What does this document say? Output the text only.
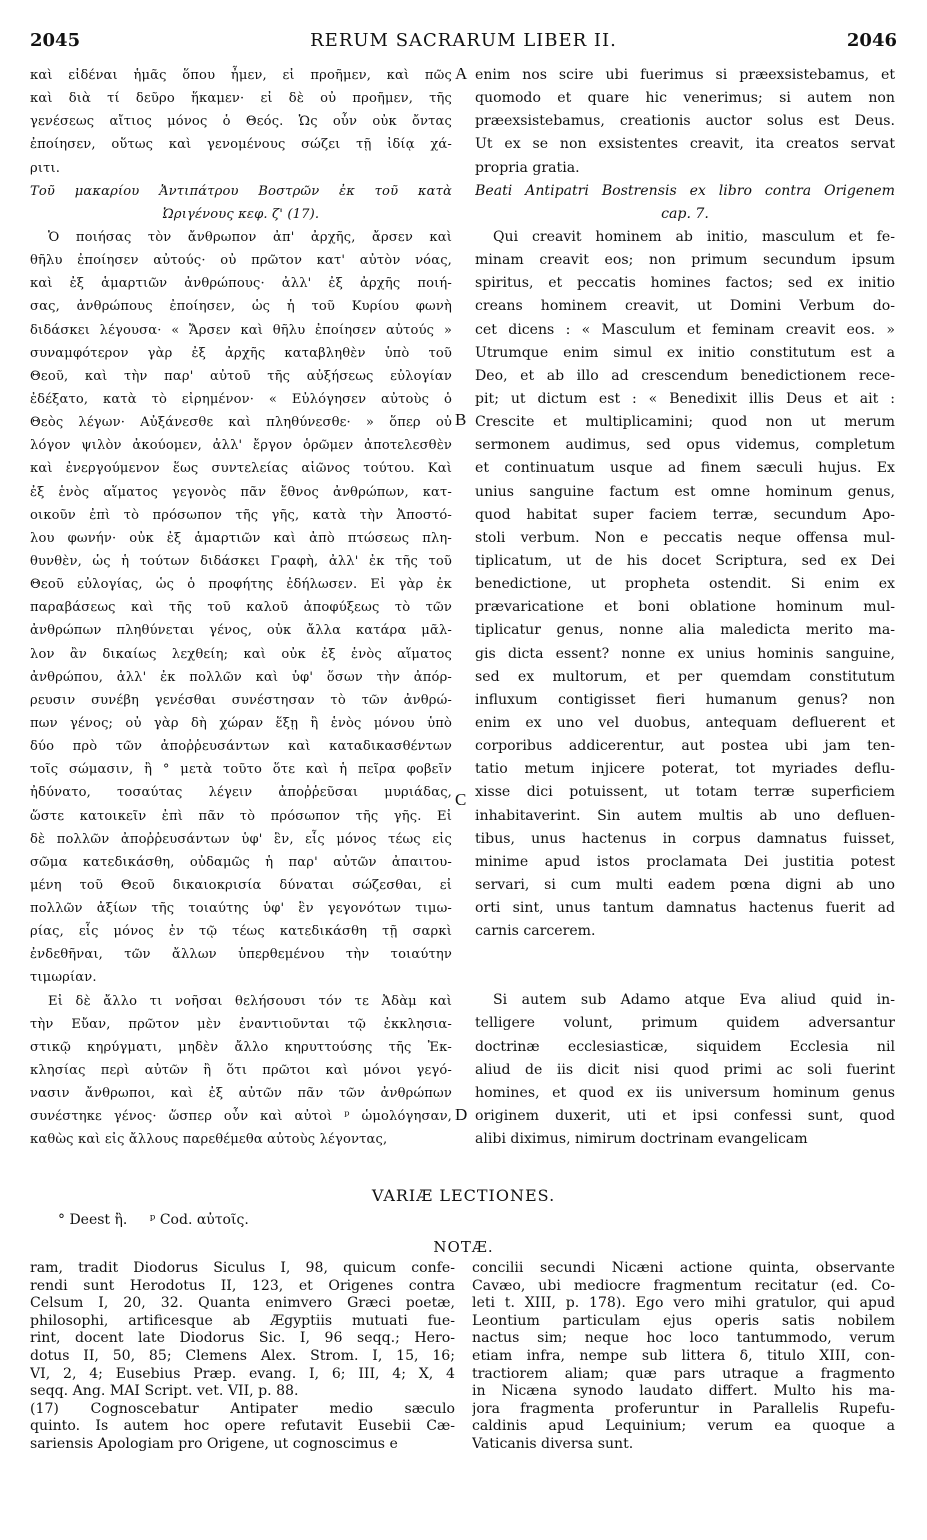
2045	RERUM SACRARUM LIBER II.	2046
καὶ εἰδέναι ἡμᾶς ὅπου ἦμεν, εἰ προῆμεν, καὶ πῶς
καὶ διὰ τί δεῦρο ἥκαμεν· εἰ δὲ οὐ προῆμεν, τῆς
γενέσεως αἴτιος μόνος ὁ Θεός. Ὡς οὖν οὐκ ὄντας
ἐποίησεν, οὕτως καὶ γενομένους σώζει τῇ ἰδίᾳ χά-
ριτι.
Τοῦ μακαρίου Ἀντιπάτρου Βοστρῶν ἐκ τοῦ κατὰ
Ὠριγένους κεφ. ζ' (17).
Ὁ ποιήσας τὸν ἄνθρωπον ἀπ' ἀρχῆς, ἄρσεν καὶ
θῆλυ ἐποίησεν αὐτούς· οὐ πρῶτον κατ' αὐτὸν νόας,
καὶ ἐξ ἁμαρτιῶν ἀνθρώπους· ἀλλ' ἐξ ἀρχῆς ποιή-
σας, ἀνθρώπους ἐποίησεν, ὡς ἡ τοῦ Κυρίου φωνὴ
διδάσκει λέγουσα· « Ἄρσεν καὶ θῆλυ ἐποίησεν αὐτούς »
συναμφότερον γὰρ ἐξ ἀρχῆς καταβληθὲν ὑπὸ τοῦ
Θεοῦ, καὶ τὴν παρ' αὐτοῦ τῆς αὐξήσεως εὐλογίαν
ἐδέξατο, κατὰ τὸ εἰρημένον· « Εὐλόγησεν αὐτοὺς ὁ
Θεὸς λέγων· Αὐξάνεσθε καὶ πληθύνεσθε· » ὅπερ οὐ
λόγον ψιλὸν ἀκούομεν, ἀλλ' ἔργον ὁρῶμεν ἀποτελεσθὲν
καὶ ἐνεργούμενον ἕως συντελείας αἰῶνος τούτου. Καὶ
ἐξ ἑνὸς αἵματος γεγονὸς πᾶν ἔθνος ἀνθρώπων, κατ-
οικοῦν ἐπὶ τὸ πρόσωπον τῆς γῆς, κατὰ τὴν Ἀποστό-
λου φωνήν· οὐκ ἐξ ἁμαρτιῶν καὶ ἀπὸ πτώσεως πλη-
θυνθὲν, ὡς ἡ τούτων διδάσκει Γραφὴ, ἀλλ' ἐκ τῆς τοῦ
Θεοῦ εὐλογίας, ὡς ὁ προφήτης ἐδήλωσεν. Εἰ γὰρ ἐκ
παραβάσεως καὶ τῆς τοῦ καλοῦ ἀποφύξεως τὸ τῶν
ἀνθρώπων πληθύνεται γένος, οὐκ ἄλλα κατάρα μᾶλ-
λον ἂν δικαίως λεχθείη; καὶ οὐκ ἐξ ἑνὸς αἵματος
ἀνθρώπου, ἀλλ' ἐκ πολλῶν καὶ ὑφ' ὅσων τὴν ἀπόρ-
ρευσιν συνέβη γενέσθαι συνέστησαν τὸ τῶν ἀνθρώ-
πων γένος; οὐ γὰρ δὴ χώραν ἕξῃ ἢ ἑνὸς μόνου ὑπὸ
δύο πρὸ τῶν ἀποῤῥευσάντων καὶ καταδικασθέντων
τοῖς σώμασιν, ἢ ° μετὰ τοῦτο ὅτε καὶ ἡ πεῖρα φοβεῖν
ἠδύνατο, τοσαύτας λέγειν ἀποῤῥεῦσαι μυριάδας,
ὥστε κατοικεῖν ἐπὶ πᾶν τὸ πρόσωπον τῆς γῆς. Εἰ
δὲ πολλῶν ἀποῤῥευσάντων ὑφ' ἓν, εἷς μόνος τέως εἰς
σῶμα κατεδικάσθη, οὐδαμῶς ἡ παρ' αὐτῶν ἀπαιτου-
μένη τοῦ Θεοῦ δικαιοκρισία δύναται σώζεσθαι, εἰ
πολλῶν ἀξίων τῆς τοιαύτης ὑφ' ἓν γεγονότων τιμω-
ρίας, εἷς μόνος ἐν τῷ τέως κατεδικάσθη τῇ σαρκὶ
ἐνδεθῆναι, τῶν ἄλλων ὑπερθεμένου τὴν τοιαύτην
τιμωρίαν.
Εἰ δὲ ἄλλο τι νοῆσαι θελήσουσι τόν τε Ἀδὰμ καὶ
τὴν Εὔαν, πρῶτον μὲν ἐναντιοῦνται τῷ ἐκκλησια-
στικῷ κηρύγματι, μηδὲν ἄλλο κηρυττούσης τῆς Ἐκ-
κλησίας περὶ αὐτῶν ἢ ὅτι πρῶτοι καὶ μόνοι γεγό-
νασιν ἄνθρωποι, καὶ ἐξ αὐτῶν πᾶν τῶν ἀνθρώπων
συνέστηκε γένος· ὥσπερ οὖν καὶ αὐτοὶ ᵖ ὡμολόγησαν,
καθὼς καὶ εἰς ἄλλους παρεθέμεθα αὐτοὺς λέγοντας,
enim nos scire ubi fuerimus si præexsistebamus, et
quomodo et quare hic venerimus; si autem non
præexsistebamus, creationis auctor solus est Deus.
Ut ex se non exsistentes creavit, ita creatos servat
propria gratia.
Beati Antipatri Bostrensis ex libro contra Origenem
cap. 7.
Qui creavit hominem ab initio, masculum et fe-
minam creavit eos; non primum secundum ipsum
spiritus, et peccatis homines factos; sed ex initio
creans hominem creavit, ut Domini Verbum do-
cet dicens : « Masculum et feminam creavit eos. »
Utrumque enim simul ex initio constitutum est a
Deo, et ab illo ad crescendum benedictionem rece-
pit; ut dictum est : « Benedixit illis Deus et ait :
Crescite et multiplicamini; quod non ut merum
sermonem audimus, sed opus videmus, completum
et continuatum usque ad finem sæculi hujus. Ex
unius sanguine factum est omne hominum genus,
quod habitat super faciem terræ, secundum Apo-
stoli verbum. Non e peccatis neque offensa mul-
tiplicatum, ut de his docet Scriptura, sed ex Dei
benedictione, ut propheta ostendit. Si enim ex
prævaricatione et boni oblatione hominum mul-
tiplicatur genus, nonne alia maledicta merito ma-
gis dicta essent? nonne ex unius hominis sanguine,
sed ex multorum, et per quemdam constitutum
influxum contigisset fieri humanum genus? non
enim ex uno vel duobus, antequam defluerent et
corporibus addicerentur, aut postea ubi jam ten-
tatio metum injicere poterat, tot myriades deflu-
xisse dici potuissent, ut totam terræ superficiem
inhabitaverint. Sin autem multis ab uno defluen-
tibus, unus hactenus in corpus damnatus fuisset,
minime apud istos proclamata Dei justitia potest
servari, si cum multi eadem pœna digni ab uno
orti sint, unus tantum damnatus hactenus fuerit ad
carnis carcerem.
Si autem sub Adamo atque Eva aliud quid in-
telligere volunt, primum quidem adversantur
doctrinæ ecclesiasticæ, siquidem Ecclesia nil
aliud de iis dicit nisi quod primi ac soli fuerint
homines, et quod ex iis universum hominum genus
originem duxerit, uti et ipsi confessi sunt, quod
alibi diximus, nimirum doctrinam evangelicam
A
B
C
D
VARIÆ LECTIONES.
° Deest ἢ. ᵖ Cod. αὐτοῖς.
NOTÆ.
ram, tradit Diodorus Siculus I, 98, quicum confe-
rendi sunt Herodotus II, 123, et Origenes contra
Celsum I, 20, 32. Quanta enimvero Græci poetæ,
philosophi, artificesque ab Ægyptiis mutuati fue-
rint, docent late Diodorus Sic. I, 96 seqq.; Hero-
dotus II, 50, 85; Clemens Alex. Strom. I, 15, 16;
VI, 2, 4; Eusebius Præp. evang. I, 6; III, 4; X, 4
seqq. Ang. MAI Script. vet. VII, p. 88.
(17) Cognoscebatur Antipater medio sæculo
quinto. Is autem hoc opere refutavit Eusebii Cæ-
sariensis Apologiam pro Origene, ut cognoscimus e
concilii secundi Nicæni actione quinta, observante
Cavæo, ubi mediocre fragmentum recitatur (ed. Co-
leti t. XIII, p. 178). Ego vero mihi gratulor, qui apud
Leontium particulam ejus operis satis nobilem
nactus sim; neque hoc loco tantummodo, verum
etiam infra, nempe sub littera δ, titulo XIII, con-
tractiorem aliam; quæ pars utraque a fragmento
in Nicæna synodo laudato differt. Multo his ma-
jora fragmenta proferuntur in Parallelis Rupefu-
caldinis apud Lequinium; verum ea quoque a
Vaticanis diversa sunt.
